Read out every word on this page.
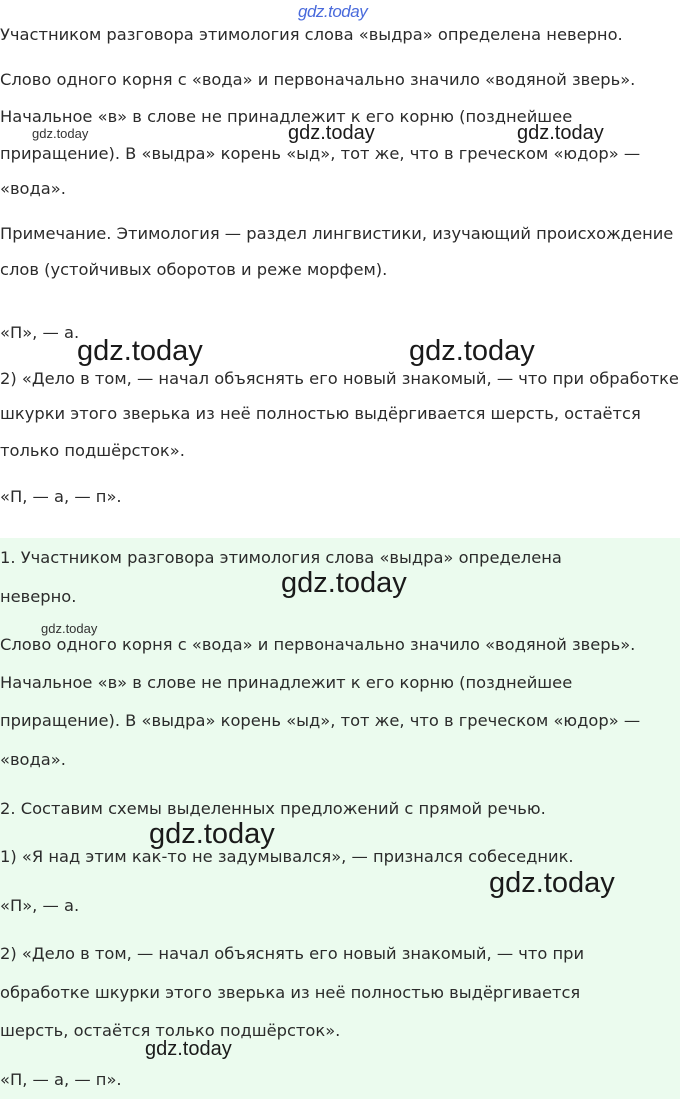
Участником разговора этимология слова «выдра» определена неверно.
Слово одного корня с «вода» и первоначально значило «водяной зверь».
Начальное «в» в слове не принадлежит к его корню (позднейшее
приращение). В «выдра» корень «ыд», тот же, что в греческом «юдор» —
«вода».
Примечание. Этимология — раздел лингвистики, изучающий происхождение
слов (устойчивых оборотов и реже морфем).
«П», — а.
2) «Дело в том, — начал объяснять его новый знакомый, — что при обработке
шкурки этого зверька из неё полностью выдёргивается шерсть, остаётся
только подшёрсток».
«П, — а, — п».
1. Участником разговора этимология слова «выдра» определена
неверно.
Слово одного корня с «вода» и первоначально значило «водяной зверь».
Начальное «в» в слове не принадлежит к его корню (позднейшее
приращение). В «выдра» корень «ыд», тот же, что в греческом «юдор» —
«вода».
2. Составим схемы выделенных предложений с прямой речью.
1) «Я над этим как-то не задумывался», — признался собеседник.
«П», — а.
2) «Дело в том, — начал объяснять его новый знакомый, — что при
обработке шкурки этого зверька из неё полностью выдёргивается
шерсть, остаётся только подшёрсток».
«П, — а, — п».
gdz.today
gdz.today	gdz.today	gdz.today
gdz.today	gdz.today
gdz.today
gdz.today
gdz.today
gdz.today
gdz.today
